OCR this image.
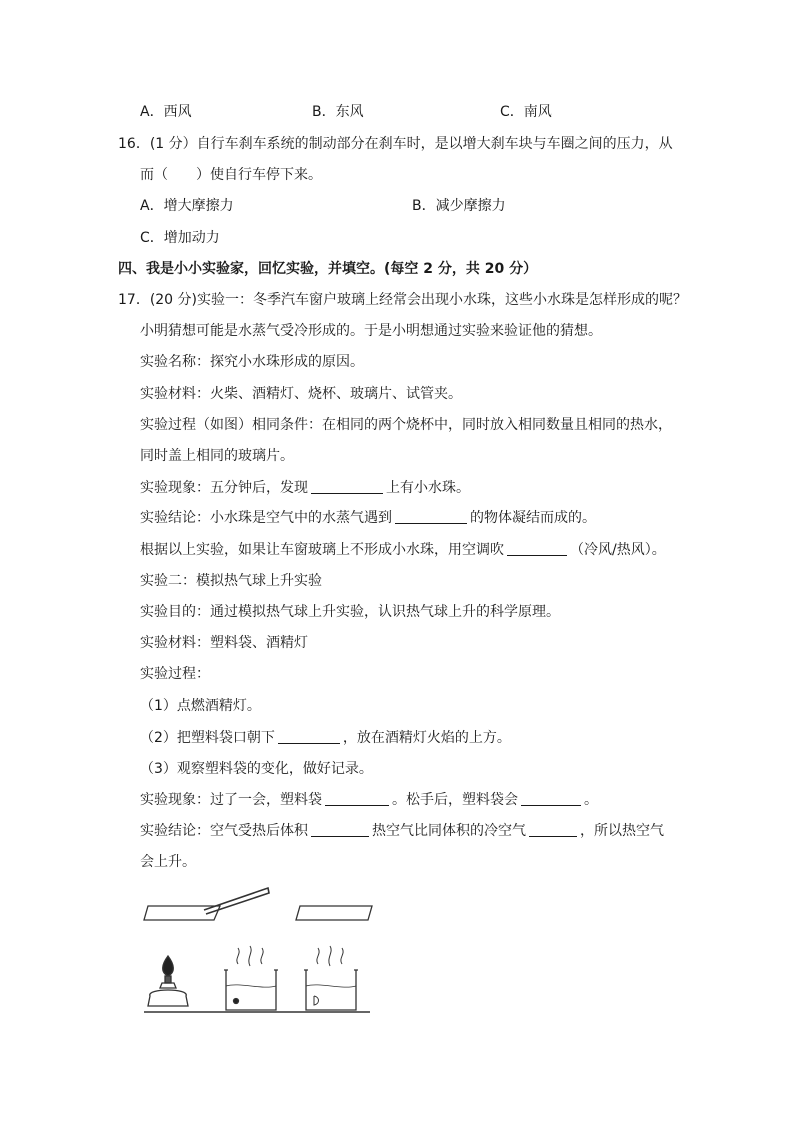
A．西风	B．东风	C．南风
16．(1 分）自行车刹车系统的制动部分在刹车时，是以增大刹车块与车圈之间的压力，从
而（　　）使自行车停下来。
A．增大摩擦力	B．减少摩擦力
C．增加动力
四、我是小小实验家，回忆实验，并填空。(每空 2 分，共 20 分）
17．(20 分)实验一：冬季汽车窗户玻璃上经常会出现小水珠，这些小水珠是怎样形成的呢？
小明猜想可能是水蒸气受冷形成的。于是小明想通过实验来验证他的猜想。
实验名称：探究小水珠形成的原因。
实验材料：火柴、酒精灯、烧杯、玻璃片、试管夹。
实验过程（如图）相同条件：在相同的两个烧杯中，同时放入相同数量且相同的热水，
同时盖上相同的玻璃片。
实验现象：五分钟后，发现	上有小水珠。
实验结论：小水珠是空气中的水蒸气遇到	的物体凝结而成的。
根据以上实验，如果让车窗玻璃上不形成小水珠，用空调吹	（冷风/热风）。
实验二：模拟热气球上升实验
实验目的：通过模拟热气球上升实验，认识热气球上升的科学原理。
实验材料：塑料袋、酒精灯
实验过程：
（1）点燃酒精灯。
（2）把塑料袋口朝下	，放在酒精灯火焰的上方。
（3）观察塑料袋的变化，做好记录。
实验现象：过了一会，塑料袋	。松手后，塑料袋会	。
实验结论：空气受热后体积	热空气比同体积的冷空气	，所以热空气
会上升。
